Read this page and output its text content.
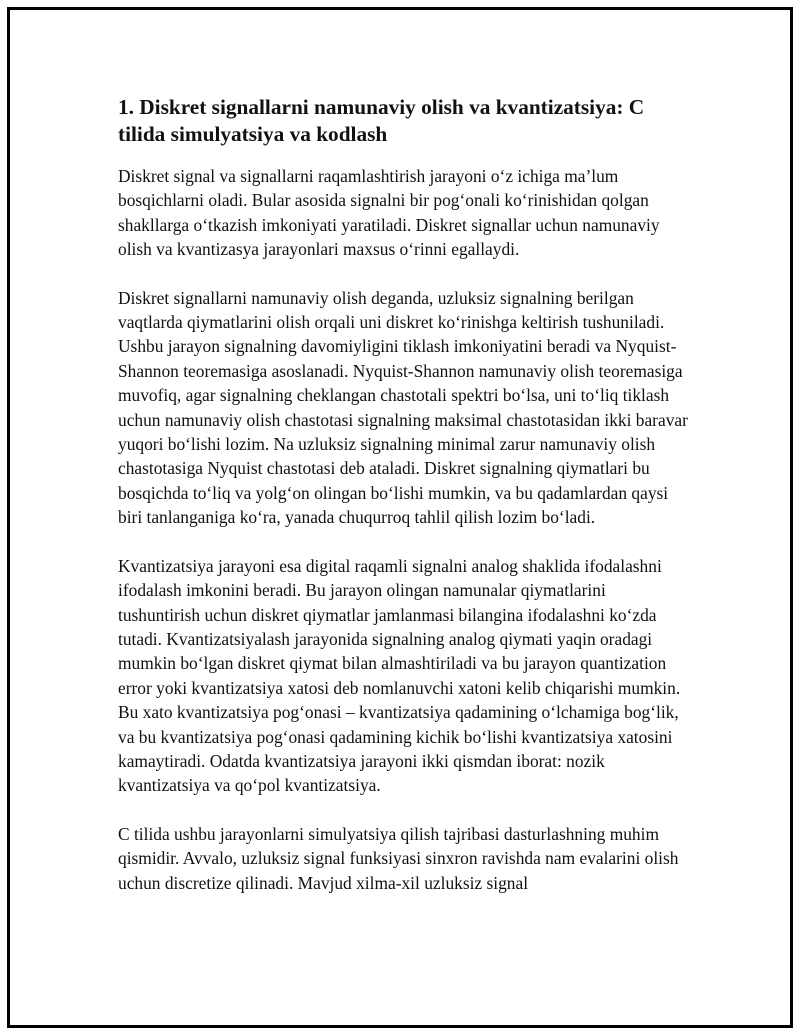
1. Diskret signallarni namunaviy olish va kvantizatsiya: C tilida simulyatsiya va kodlash

Diskret signal va signallarni raqamlashtirish jarayoni o‘z ichiga ma’lum bosqichlarni oladi. Bular asosida signalni bir pog‘onali ko‘rinishidan qolgan shakllarga o‘tkazish imkoniyati yaratiladi. Diskret signallar uchun namunaviy olish va kvantizasya jarayonlari maxsus o‘rinni egallaydi.

Diskret signallarni namunaviy olish deganda, uzluksiz signalning berilgan vaqtlarda qiymatlarini olish orqali uni diskret ko‘rinishga keltirish tushuniladi. Ushbu jarayon signalning davomiyligini tiklash imkoniyatini beradi va Nyquist-Shannon teoremasiga asoslanadi. Nyquist-Shannon namunaviy olish teoremasiga muvofiq, agar signalning cheklangan chastotali spektri bo‘lsa, uni to‘liq tiklash uchun namunaviy olish chastotasi signalning maksimal chastotasidan ikki baravar yuqori bo‘lishi lozim. Na uzluksiz signalning minimal zarur namunaviy olish chastotasiga Nyquist chastotasi deb ataladi. Diskret signalning qiymatlari bu bosqichda to‘liq va yolg‘on olingan bo‘lishi mumkin, va bu qadamlardan qaysi biri tanlanganiga ko‘ra, yanada chuqurroq tahlil qilish lozim bo‘ladi.

Kvantizatsiya jarayoni esa digital raqamli signalni analog shaklida ifodalashni ifodalash imkonini beradi. Bu jarayon olingan namunalar qiymatlarini tushuntirish uchun diskret qiymatlar jamlanmasi bilangina ifodalashni ko‘zda tutadi. Kvantizatsiyalash jarayonida signalning analog qiymati yaqin oradagi mumkin bo‘lgan diskret qiymat bilan almashtiriladi va bu jarayon quantization error yoki kvantizatsiya xatosi deb nomlanuvchi xatoni kelib chiqarishi mumkin. Bu xato kvantizatsiya pog‘onasi – kvantizatsiya qadamining o‘lchamiga bog‘lik, va bu kvantizatsiya pog‘onasi qadamining kichik bo‘lishi kvantizatsiya xatosini kamaytiradi. Odatda kvantizatsiya jarayoni ikki qismdan iborat: nozik kvantizatsiya va qo‘pol kvantizatsiya.

C tilida ushbu jarayonlarni simulyatsiya qilish tajribasi dasturlashning muhim qismidir. Avvalo, uzluksiz signal funksiyasi sinxron ravishda nam evalarini olish uchun discretize qilinadi. Mavjud xilma-xil uzluksiz signal
